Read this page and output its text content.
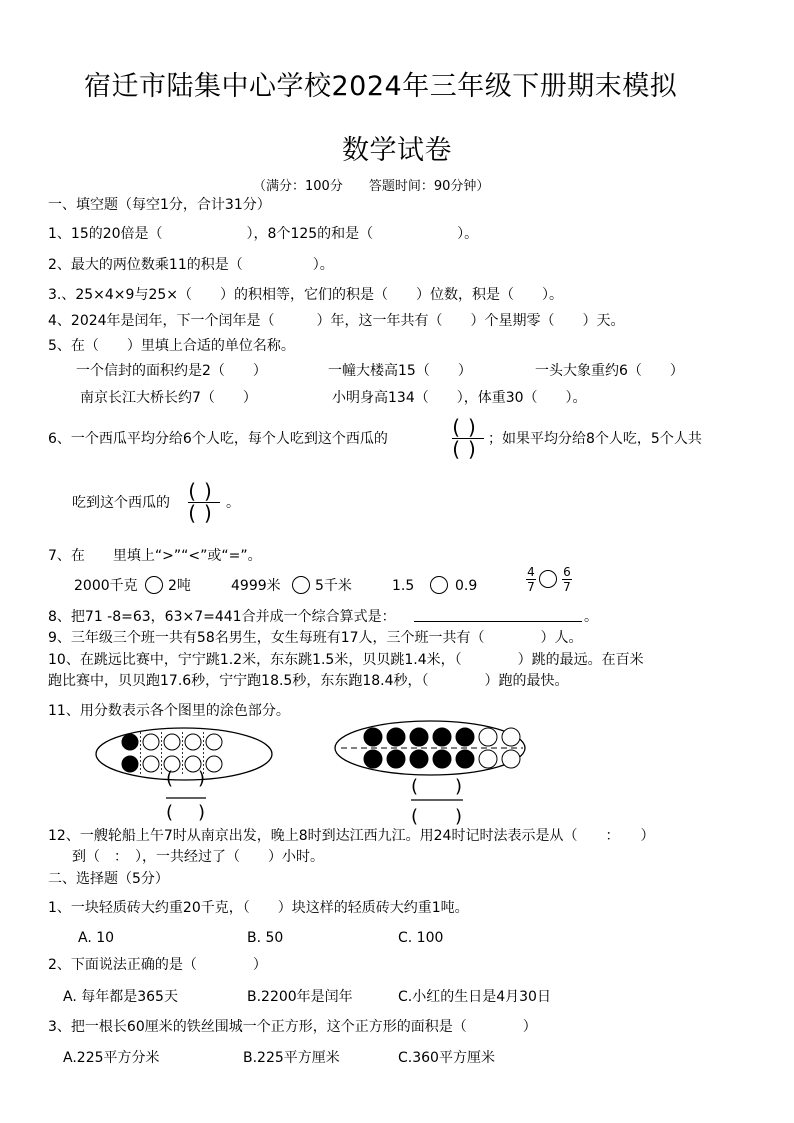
宿迁市陆集中心学校2024年三年级下册期末模拟
数学试卷
（满分：100分　　答题时间：90分钟）
一、填空题（每空1分，合计31分）
1、15的20倍是（　　　　　　），8个125的和是（　　　　　　）。
2、最大的两位数乘11的积是（　　　　　）。
3.、25×4×9与25×（　　）的积相等，它们的积是（　　）位数，积是（　　）。
4、2024年是闰年，下一个闰年是（　　　）年，这一年共有（　　）个星期零（　　）天。
5、在（　　）里填上合适的单位名称。
一个信封的面积约是2（　　）	一幢大楼高15（　　）	一头大象重约6（　　）
南京长江大桥长约7（　　）	小明身高134（　　），体重30（　　）。
6、一个西瓜平均分给6个人吃，每个人吃到这个西瓜的	()
() ；如果平均分给8个人吃，5个人共
吃到这个西瓜的 ()
() 。
7、在　　里填上“>”“<”或“=”。
2000千克 2吨	4999米 5千米	1.5	0.9
4
7
6
7
8、把71 -8=63，63×7=441合并成一个综合算式是：	。
9、三年级三个班一共有58名男生，女生每班有17人，三个班一共有（　　　　）人。
10、在跳远比赛中，宁宁跳1.2米，东东跳1.5米，贝贝跳1.4米，（　　　　）跳的最远。在百米
跑比赛中，贝贝跑17.6秒，宁宁跑18.5秒，东东跑18.4秒，（　　　　）跑的最快。
11、用分数表示各个图里的涂色部分。
( )
( )
( )
( )
12、一艘轮船上午7时从南京出发，晚上8时到达江西九江。用24时记时法表示是从（　　：　　）
到（　：　），一共经过了（　　）小时。
二、选择题（5分）
1、一块轻质砖大约重20千克，（　　）块这样的轻质砖大约重1吨。
A. 10	B. 50	C. 100
2、下面说法正确的是（　　　　）
A. 每年都是365天	B.2200年是闰年	C.小红的生日是4月30日
3、把一根长60厘米的铁丝围城一个正方形，这个正方形的面积是（　　　　）
A.225平方分米	B.225平方厘米	C.360平方厘米
